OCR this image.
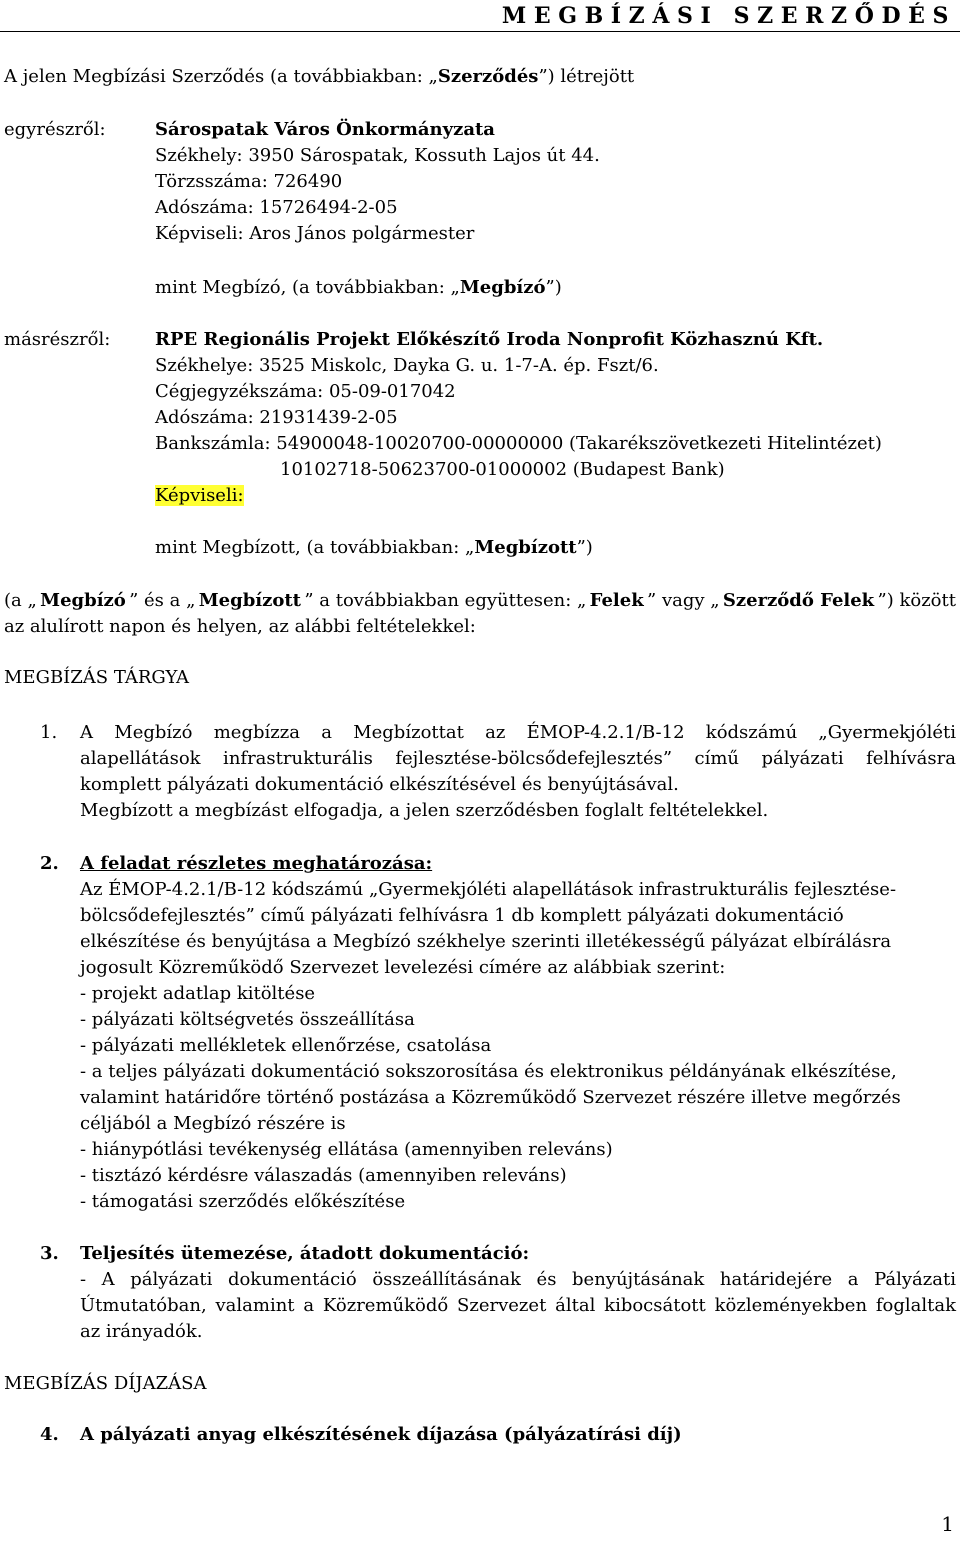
MEGBÍZÁSI SZERZŐDÉS
A jelen Megbízási Szerződés (a továbbiakban: „Szerződés”) létrejött
egyrészről:	Sárospatak Város Önkormányzata
Székhely: 3950 Sárospatak, Kossuth Lajos út 44.
Törzsszáma: 726490
Adószáma: 15726494-2-05
Képviseli: Aros János polgármester
mint Megbízó, (a továbbiakban: „Megbízó”)
másrészről: RPE Regionális Projekt Előkészítő Iroda Nonprofit Közhasznú Kft.
Székhelye: 3525 Miskolc, Dayka G. u. 1-7-A. ép. Fszt/6.
Cégjegyzékszáma: 05-09-017042
Adószáma: 21931439-2-05
Bankszámla: 54900048-10020700-00000000 (Takarékszövetkezeti Hitelintézet)
10102718-50623700-01000002 (Budapest Bank)
Képviseli:
mint Megbízott, (a továbbiakban: „Megbízott”)
(a „ Megbízó ” és a „ Megbízott ” a továbbiakban együttesen: „ Felek ” vagy „ Szerződő Felek ”) között
az alulírott napon és helyen, az alábbi feltételekkel:
MEGBÍZÁS TÁRGYA
1. A Megbízó megbízza a Megbízottat az ÉMOP-4.2.1/B-12 kódszámú „Gyermekjóléti alapellátások infrastrukturális fejlesztése-bölcsődefejlesztés” című pályázati felhívásra komplett pályázati dokumentáció elkészítésével és benyújtásával.
Megbízott a megbízást elfogadja, a jelen szerződésben foglalt feltételekkel.
2. A feladat részletes meghatározása:
Az ÉMOP-4.2.1/B-12 kódszámú „Gyermekjóléti alapellátások infrastrukturális fejlesztése-
bölcsődefejlesztés” című pályázati felhívásra 1 db komplett pályázati dokumentáció
elkészítése és benyújtása a Megbízó székhelye szerinti illetékességű pályázat elbírálásra
jogosult Közreműködő Szervezet levelezési címére az alábbiak szerint:
- projekt adatlap kitöltése
- pályázati költségvetés összeállítása
- pályázati mellékletek ellenőrzése, csatolása
- a teljes pályázati dokumentáció sokszorosítása és elektronikus példányának elkészítése,
valamint határidőre történő postázása a Közreműködő Szervezet részére illetve megőrzés
céljából a Megbízó részére is
- hiánypótlási tevékenység ellátása (amennyiben releváns)
- tisztázó kérdésre válaszadás (amennyiben releváns)
- támogatási szerződés előkészítése
3. Teljesítés ütemezése, átadott dokumentáció:
- A pályázati dokumentáció összeállításának és benyújtásának határidejére a Pályázati Útmutatóban, valamint a Közreműködő Szervezet által kibocsátott közleményekben foglaltak az irányadók.
MEGBÍZÁS DÍJAZÁSA
4. A pályázati anyag elkészítésének díjazása (pályázatírási díj)
1
